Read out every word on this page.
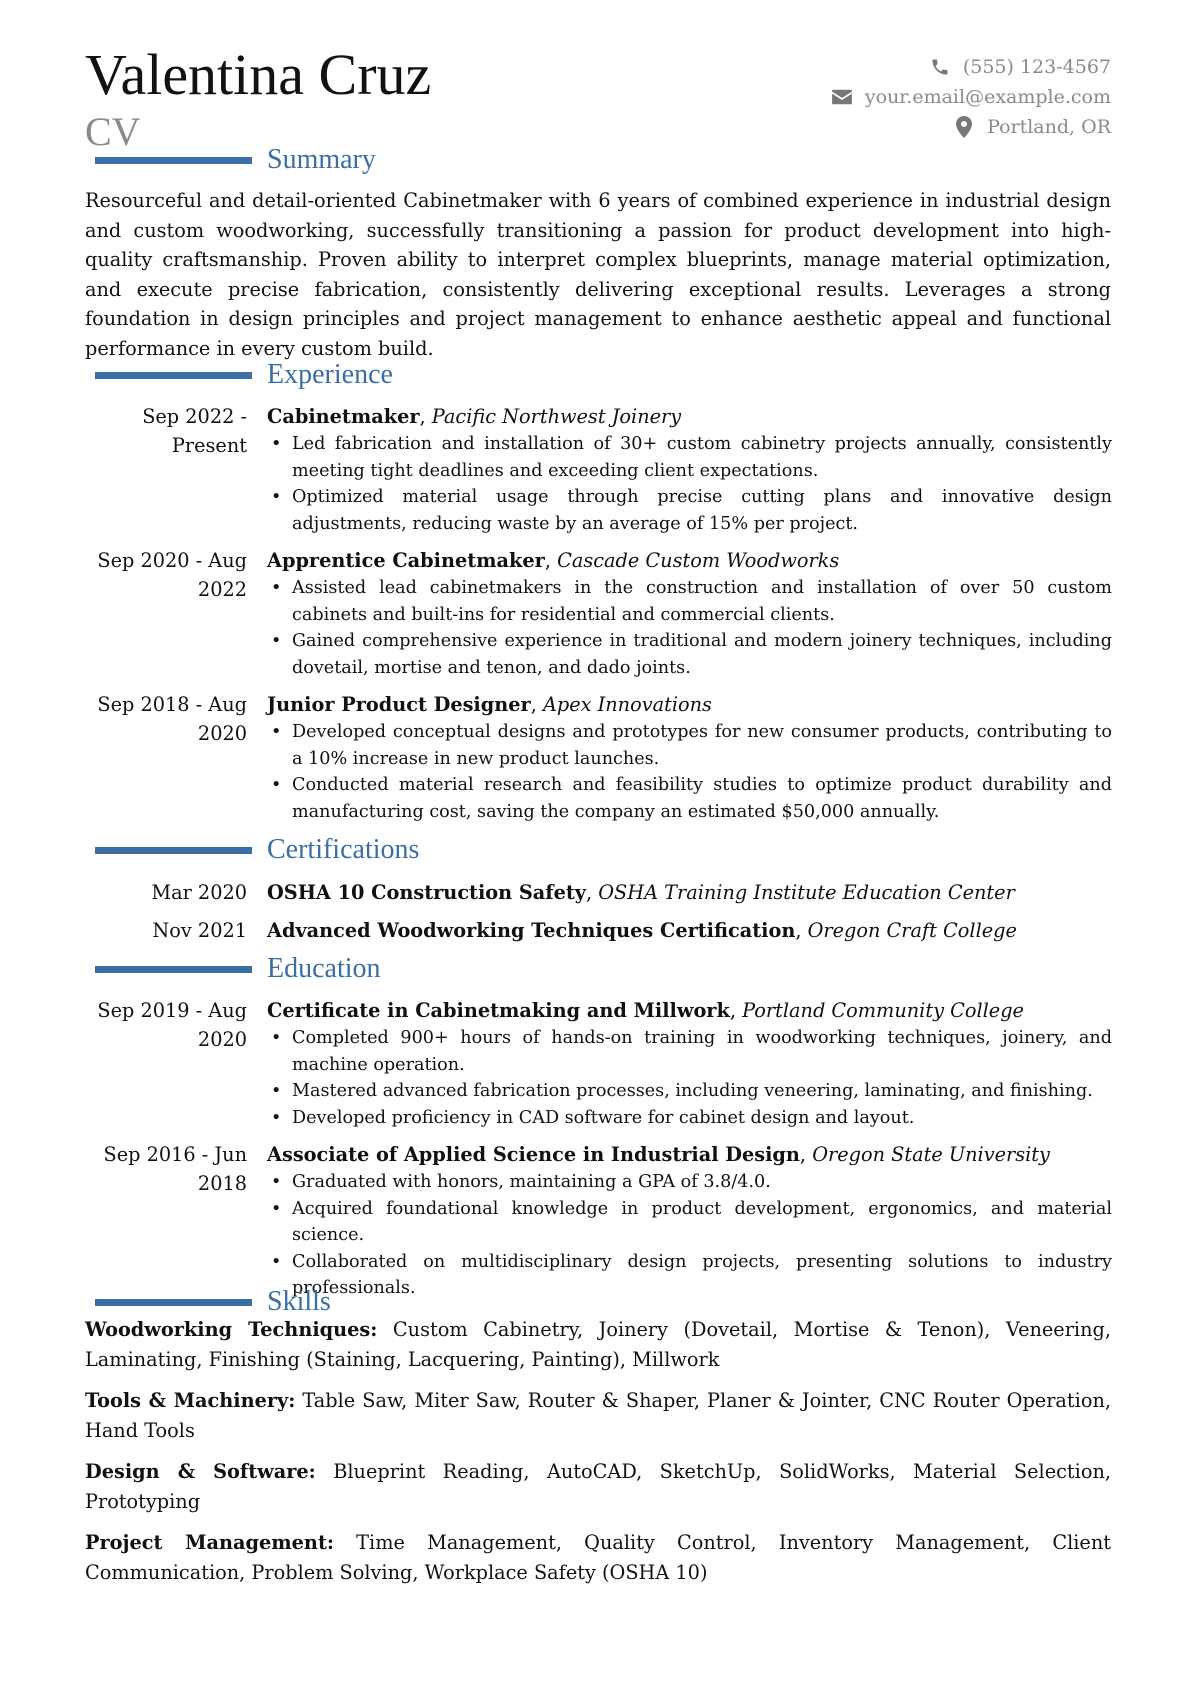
Valentina Cruz
CV
(555) 123-4567
your.email@example.com
Portland, OR
Summary
Resourceful and detail-oriented Cabinetmaker with 6 years of combined experience in industrial design and custom woodworking, successfully transitioning a passion for product development into high-quality craftsmanship. Proven ability to interpret complex blueprints, manage material optimization, and execute precise fabrication, consistently delivering exceptional results. Leverages a strong foundation in design principles and project management to enhance aesthetic appeal and functional performance in every custom build.
Experience
Sep 2022 - Present
Cabinetmaker, Pacific Northwest Joinery
• Led fabrication and installation of 30+ custom cabinetry projects annually, consistently meeting tight deadlines and exceeding client expectations.
• Optimized material usage through precise cutting plans and innovative design adjustments, reducing waste by an average of 15% per project.
Sep 2020 - Aug 2022
Apprentice Cabinetmaker, Cascade Custom Woodworks
• Assisted lead cabinetmakers in the construction and installation of over 50 custom cabinets and built-ins for residential and commercial clients.
• Gained comprehensive experience in traditional and modern joinery techniques, including dovetail, mortise and tenon, and dado joints.
Sep 2018 - Aug 2020
Junior Product Designer, Apex Innovations
• Developed conceptual designs and prototypes for new consumer products, contributing to a 10% increase in new product launches.
• Conducted material research and feasibility studies to optimize product durability and manufacturing cost, saving the company an estimated $50,000 annually.
Certifications
Mar 2020 OSHA 10 Construction Safety, OSHA Training Institute Education Center
Nov 2021 Advanced Woodworking Techniques Certification, Oregon Craft College
Education
Sep 2019 - Aug 2020
Certificate in Cabinetmaking and Millwork, Portland Community College
• Completed 900+ hours of hands-on training in woodworking techniques, joinery, and machine operation.
• Mastered advanced fabrication processes, including veneering, laminating, and finishing.
• Developed proficiency in CAD software for cabinet design and layout.
Sep 2016 - Jun 2018
Associate of Applied Science in Industrial Design, Oregon State University
• Graduated with honors, maintaining a GPA of 3.8/4.0.
• Acquired foundational knowledge in product development, ergonomics, and material science.
• Collaborated on multidisciplinary design projects, presenting solutions to industry professionals.
Skills
Woodworking Techniques: Custom Cabinetry, Joinery (Dovetail, Mortise & Tenon), Veneering, Laminating, Finishing (Staining, Lacquering, Painting), Millwork
Tools & Machinery: Table Saw, Miter Saw, Router & Shaper, Planer & Jointer, CNC Router Operation, Hand Tools
Design & Software: Blueprint Reading, AutoCAD, SketchUp, SolidWorks, Material Selection, Prototyping
Project Management: Time Management, Quality Control, Inventory Management, Client Communication, Problem Solving, Workplace Safety (OSHA 10)
